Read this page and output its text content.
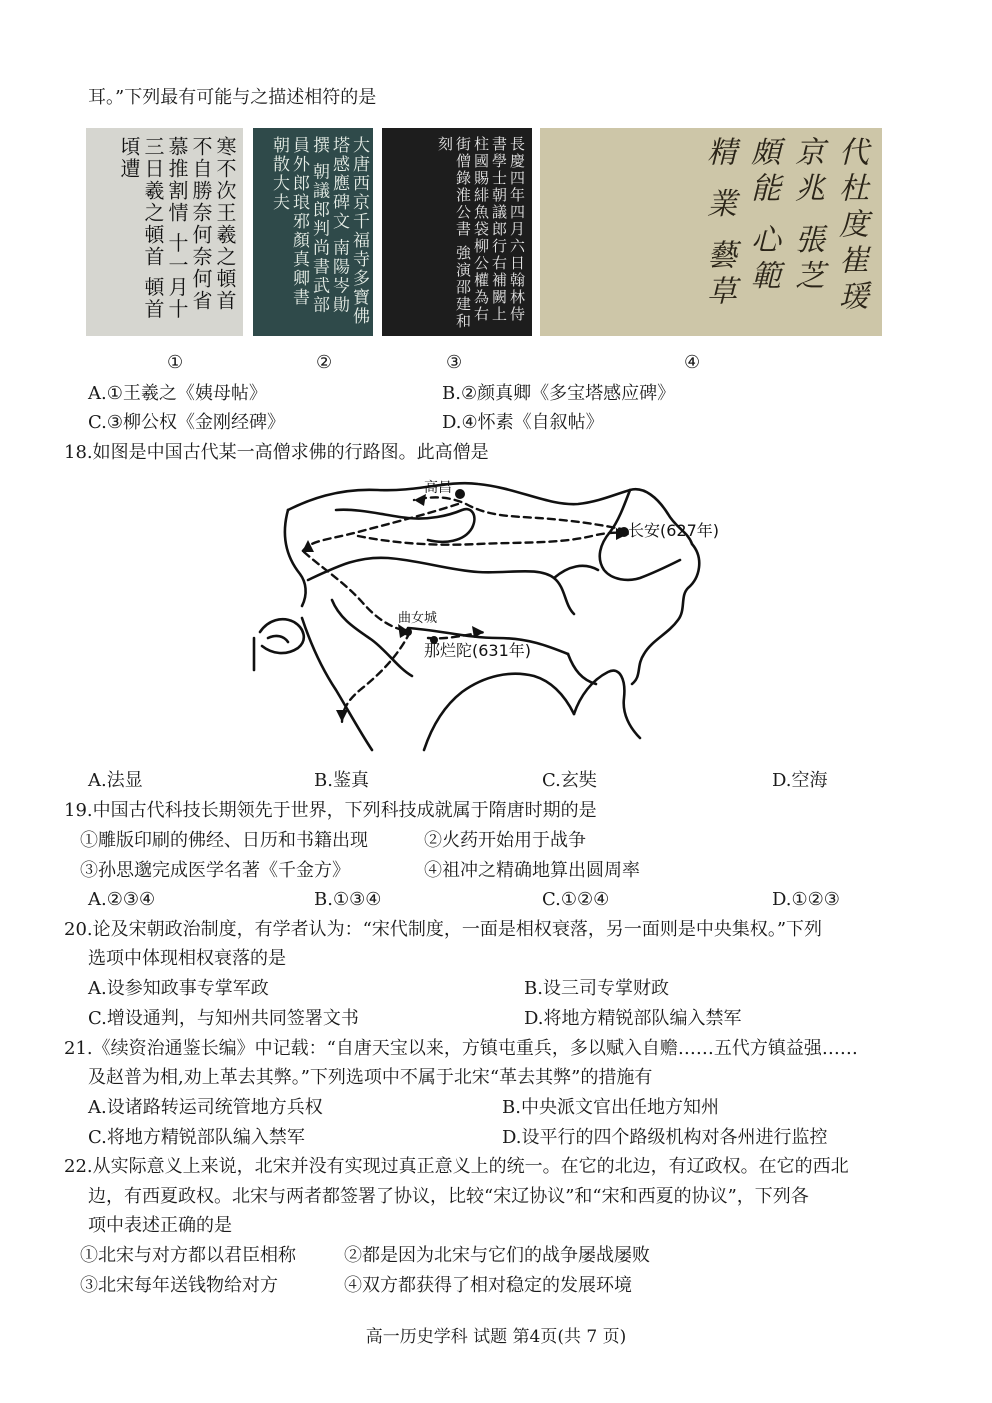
耳。”下列最有可能与之描述相符的是
寒不次王羲之頓首 不自勝奈何奈何省慕推割情 十一月十三日羲之頓首 頓首頃遭	大唐西京千福寺多寶佛塔感應碑文 南陽岑勛撰 朝議郎判尚書武部員外郎琅邪顏真卿書 朝散大夫	長慶四年四月六日翰林侍書學士朝議郎行右補闕上柱國賜緋魚袋柳公權為右街僧錄淮公書 強演邵建和刻	代杜度崔瑗京兆 張芝 頗能 心範 精 業 藝草
①	②	③	④
A.①王羲之《姨母帖》	B.②颜真卿《多宝塔感应碑》
C.③柳公权《金刚经碑》	D.④怀素《自叙帖》
18.如图是中国古代某一高僧求佛的行路图。此高僧是
高昌
长安(627年)
曲女城
那烂陀(631年)
A.法显	B.鉴真	C.玄奘	D.空海
19.中国古代科技长期领先于世界，下列科技成就属于隋唐时期的是
①雕版印刷的佛经、日历和书籍出现	②火药开始用于战争
③孙思邈完成医学名著《千金方》	④祖冲之精确地算出圆周率
A.②③④	B.①③④	C.①②④	D.①②③
20.论及宋朝政治制度，有学者认为：“宋代制度，一面是相权衰落，另一面则是中央集权。”下列
选项中体现相权衰落的是
A.设参知政事专掌军政	B.设三司专掌财政
C.增设通判，与知州共同签署文书	D.将地方精锐部队编入禁军
21.《续资治通鉴长编》中记载：“自唐天宝以来，方镇屯重兵，多以赋入自赡……五代方镇益强……
及赵普为相,劝上革去其弊。”下列选项中不属于北宋“革去其弊”的措施有
A.设诸路转运司统管地方兵权	B.中央派文官出任地方知州
C.将地方精锐部队编入禁军	D.设平行的四个路级机构对各州进行监控
22.从实际意义上来说，北宋并没有实现过真正意义上的统一。在它的北边，有辽政权。在它的西北
边，有西夏政权。北宋与两者都签署了协议，比较“宋辽协议”和“宋和西夏的协议”，下列各
项中表述正确的是
①北宋与对方都以君臣相称	②都是因为北宋与它们的战争屡战屡败
③北宋每年送钱物给对方	④双方都获得了相对稳定的发展环境
高一历史学科 试题 第4页(共 7 页)
